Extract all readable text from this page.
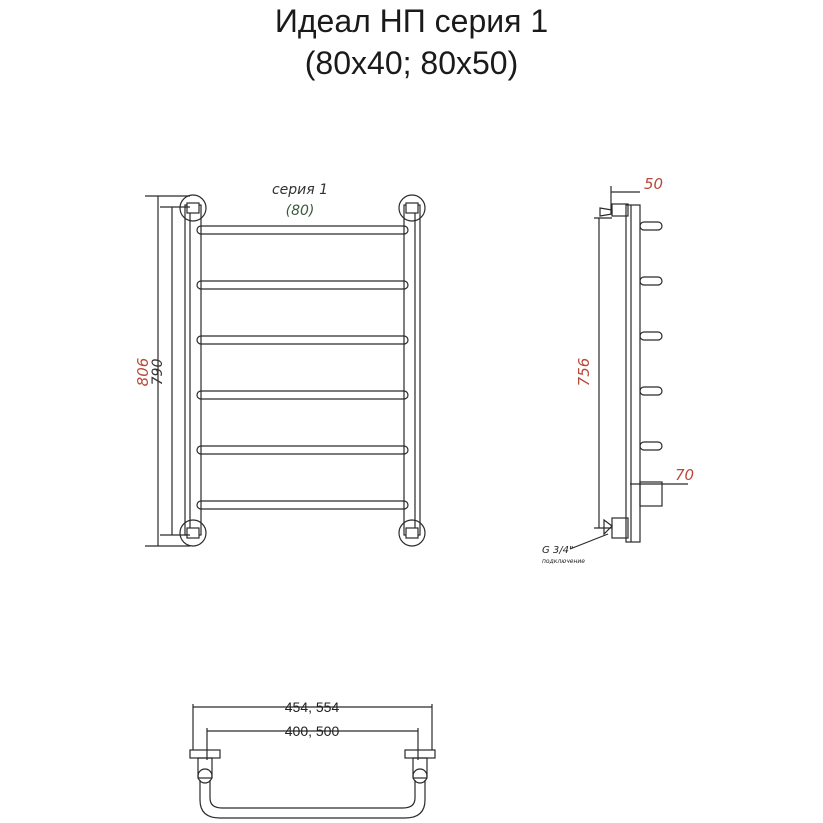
Идеал НП серия 1
(80x40; 80x50)
806
790
серия 1
(80)
50
756
70
G 3/4"
подключение
454, 554
400, 500
